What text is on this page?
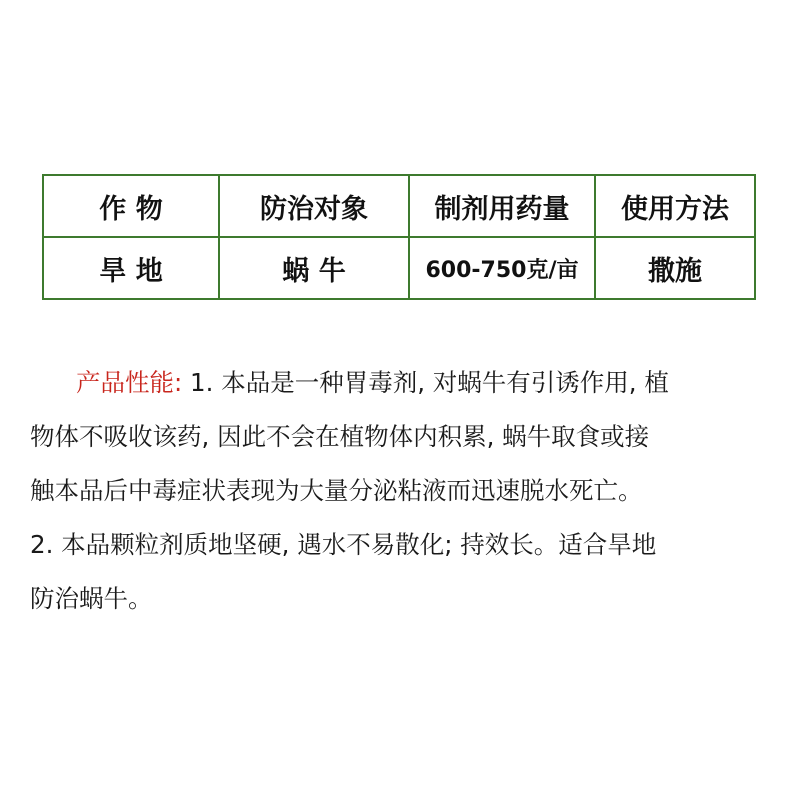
作 物	防治对象	制剂用药量	使用方法
旱 地	蜗 牛	600-750克/亩	撒施
产品性能: 1. 本品是一种胃毒剂, 对蜗牛有引诱作用, 植
物体不吸收该药, 因此不会在植物体内积累, 蜗牛取食或接
触本品后中毒症状表现为大量分泌粘液而迅速脱水死亡。
2. 本品颗粒剂质地坚硬, 遇水不易散化; 持效长。适合旱地
防治蜗牛。
